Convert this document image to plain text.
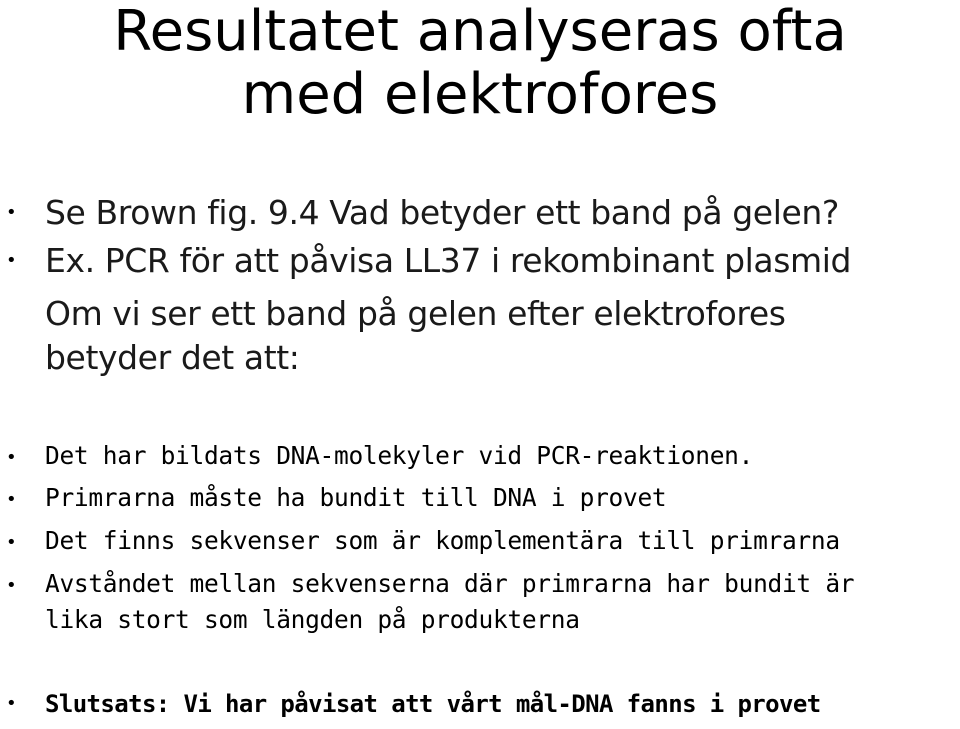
Resultatet analyseras ofta
med elektrofores
• Se Brown fig. 9.4 Vad betyder ett band på gelen?

• Ex. PCR för att påvisa LL37 i rekombinant plasmid

Om vi ser ett band på gelen efter elektrofores

betyder det att:

• Det har bildats DNA-molekyler vid PCR-reaktionen.

• Primrarna måste ha bundit till DNA i provet

• Det finns sekvenser som är komplementära till primrarna

• Avståndet mellan sekvenserna där primrarna har bundit är

lika stort som längden på produkterna

• Slutsats: Vi har påvisat att vårt mål-DNA fanns i provet
